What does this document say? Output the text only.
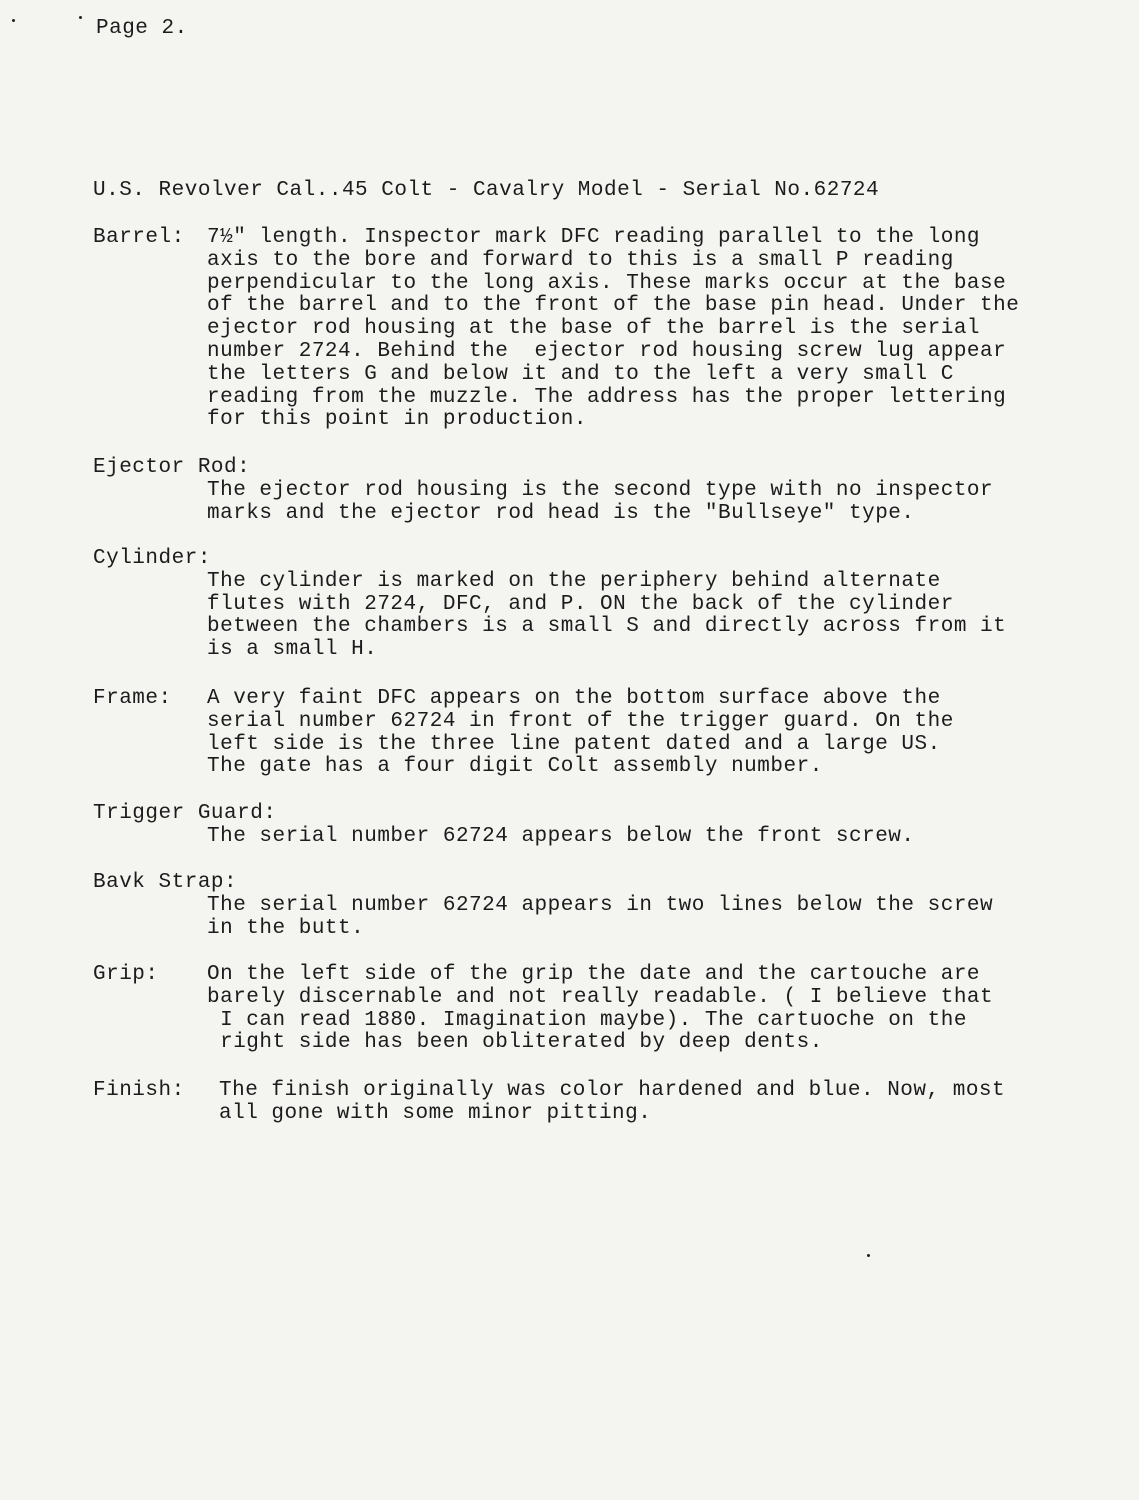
Page 2.
U.S. Revolver Cal..45 Colt - Cavalry Model - Serial No.62724
Barrel:	7½" length. Inspector mark DFC reading parallel to the long
axis to the bore and forward to this is a small P reading
perpendicular to the long axis. These marks occur at the base
of the barrel and to the front of the base pin head. Under the
ejector rod housing at the base of the barrel is the serial
number 2724. Behind the  ejector rod housing screw lug appear
the letters G and below it and to the left a very small C
reading from the muzzle. The address has the proper lettering
for this point in production.
Ejector Rod:
The ejector rod housing is the second type with no inspector
marks and the ejector rod head is the "Bullseye" type.
Cylinder:
The cylinder is marked on the periphery behind alternate
flutes with 2724, DFC, and P. ON the back of the cylinder
between the chambers is a small S and directly across from it
is a small H.
Frame:	A very faint DFC appears on the bottom surface above the
serial number 62724 in front of the trigger guard. On the
left side is the three line patent dated and a large US.
The gate has a four digit Colt assembly number.
Trigger Guard:
The serial number 62724 appears below the front screw.
Bavk Strap:
The serial number 62724 appears in two lines below the screw
in the butt.
Grip:	On the left side of the grip the date and the cartouche are
barely discernable and not really readable. ( I believe that
I can read 1880. Imagination maybe). The cartuoche on the
right side has been obliterated by deep dents.
Finish:	The finish originally was color hardened and blue. Now, most
all gone with some minor pitting.
